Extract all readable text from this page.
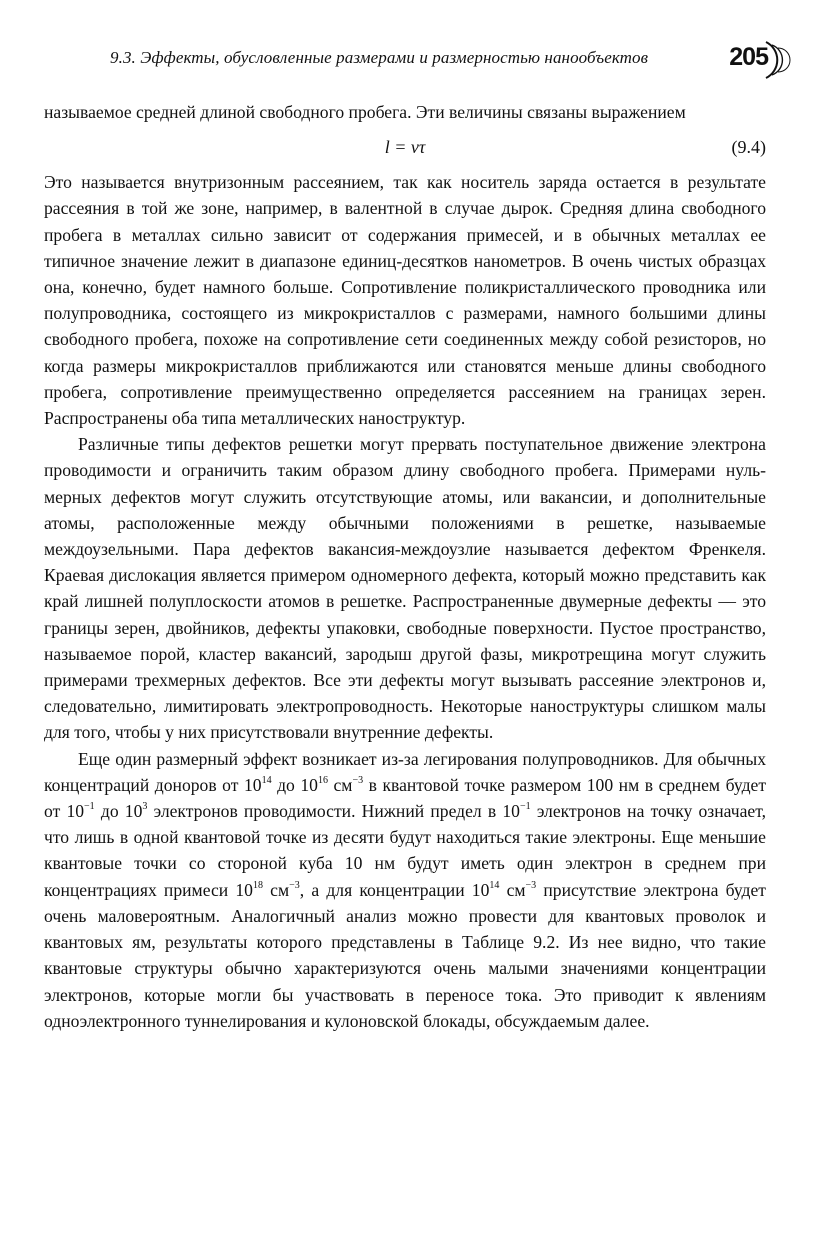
9.3. Эффекты, обусловленные размерами и размерностью нанообъектов	205

называемое средней длиной свободного пробега. Эти величины связаны выражением

l = vτ	(9.4)

Это называется внутризонным рассеянием, так как носитель заряда остается в результате рассеяния в той же зоне, например, в валентной в случае дырок. Средняя длина свободного пробега в металлах сильно зависит от содержания примесей, и в обычных металлах ее типичное значение лежит в диапазоне единиц-десятков нанометров. В очень чистых образцах она, конечно, будет намного больше. Сопротивление поликристаллического проводника или полупроводника, состоящего из микрокристаллов с размерами, намного большими длины свободного пробега, похоже на сопротивление сети соединенных между собой резисторов, но когда размеры микрокристаллов приближаются или становятся меньше длины свободного пробега, сопротивление преимущественно определяется рассеянием на границах зерен. Распространены оба типа металлических наноструктур.

Различные типы дефектов решетки могут прервать поступательное движение электрона проводимости и ограничить таким образом длину свободного пробега. Примерами нуль-мерных дефектов могут служить отсутствующие атомы, или вакансии, и дополнительные атомы, расположенные между обычными положениями в решетке, называемые междоузельными. Пара дефектов вакансия-междоузлие называется дефектом Френкеля. Краевая дислокация является примером одномерного дефекта, который можно представить как край лишней полуплоскости атомов в решетке. Распространенные двумерные дефекты — это границы зерен, двойников, дефекты упаковки, свободные поверхности. Пустое пространство, называемое порой, кластер вакансий, зародыш другой фазы, микротрещина могут служить примерами трехмерных дефектов. Все эти дефекты могут вызывать рассеяние электронов и, следовательно, лимитировать электропроводность. Некоторые наноструктуры слишком малы для того, чтобы у них присутствовали внутренние дефекты.

Еще один размерный эффект возникает из-за легирования полупроводников. Для обычных концентраций доноров от $10^{14}$ до $10^{16}$ $см^{-3}$ в квантовой точке размером 100 нм в среднем будет от $10^{-1}$ до $10^3$ электронов проводимости. Нижний предел в $10^{-1}$ электронов на точку означает, что лишь в одной квантовой точке из десяти будут находиться такие электроны. Еще меньшие квантовые точки со стороной куба 10 нм будут иметь один электрон в среднем при концентрациях примеси $10^{18}$ $см^{-3}$, а для концентрации $10^{14}$ $см^{-3}$ присутствие электрона будет очень маловероятным. Аналогичный анализ можно провести для квантовых проволок и квантовых ям, результаты которого представлены в Таблице 9.2. Из нее видно, что такие квантовые структуры обычно характеризуются очень малыми значениями концентрации электронов, которые могли бы участвовать в переносе тока. Это приводит к явлениям одноэлектронного туннелирования и кулоновской блокады, обсуждаемым далее.
